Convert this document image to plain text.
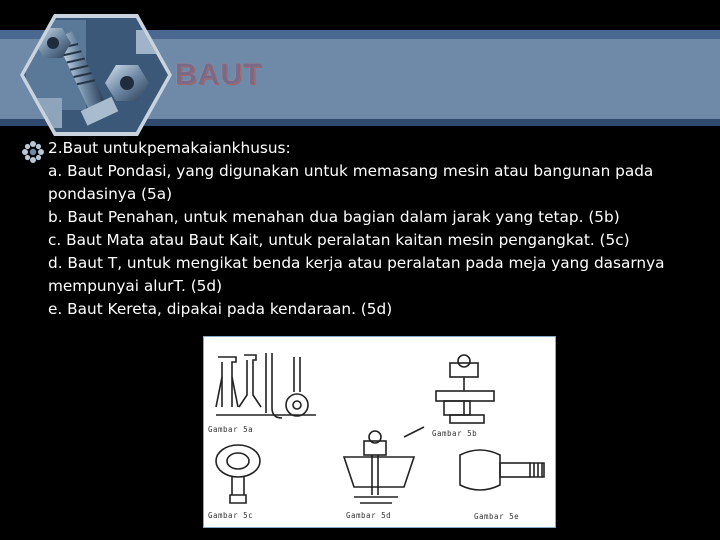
BAUT
2.Baut untukpemakaiankhusus:
a. Baut Pondasi, yang digunakan untuk memasang mesin atau bangunan pada
pondasinya (5a)
b. Baut Penahan, untuk menahan dua bagian dalam jarak yang tetap. (5b)
c. Baut Mata atau Baut Kait, untuk peralatan kaitan mesin pengangkat. (5c)
d. Baut T, untuk mengikat benda kerja atau peralatan pada meja yang dasarnya
mempunyai alurT. (5d)
e. Baut Kereta, dipakai pada kendaraan. (5d)
Gambar 5a	Gambar 5b
Gambar 5c	Gambar 5d	Gambar 5e
